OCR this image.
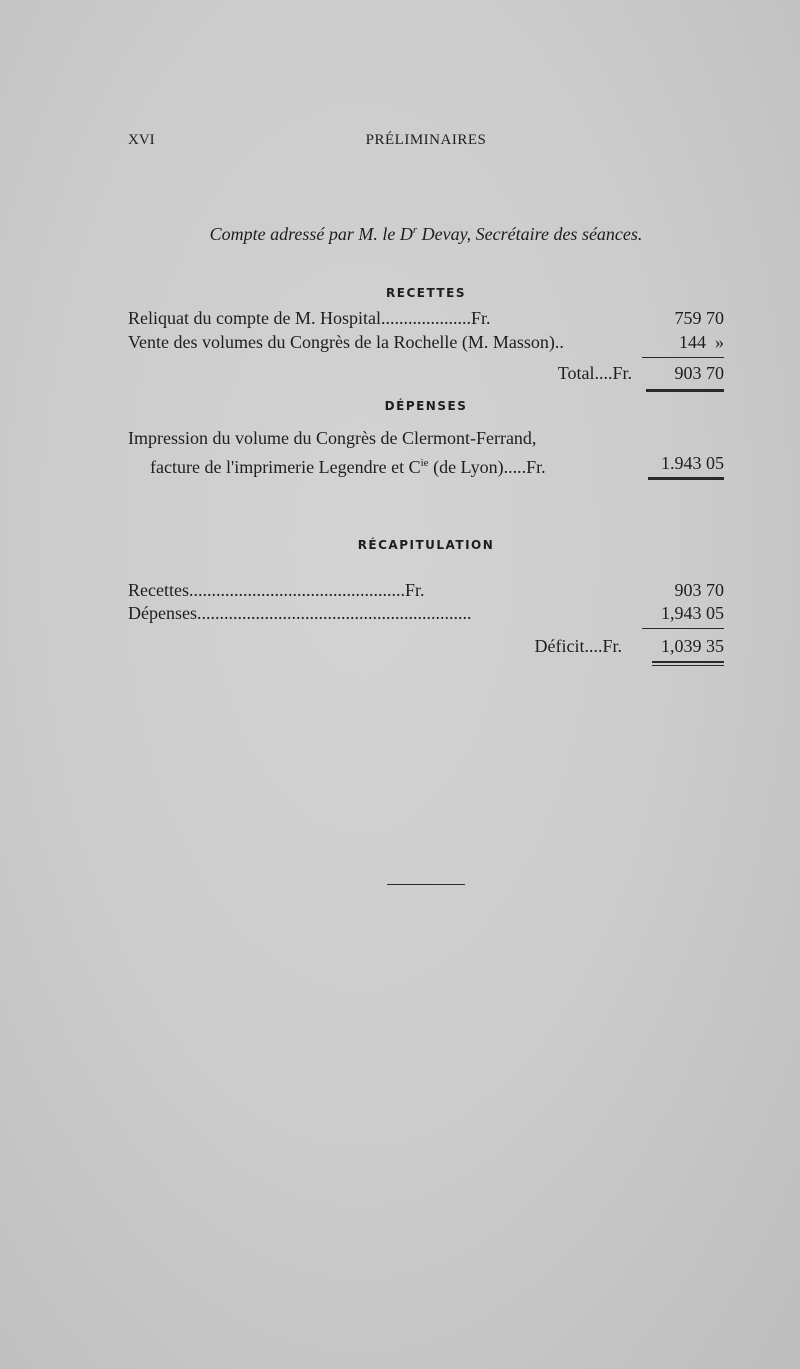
XVI	PRÉLIMINAIRES
Compte adressé par M. le $D^r$ Devay, Secrétaire des séances.
RECETTES
Reliquat du compte de M. Hospital....................Fr.	759 70
Vente des volumes du Congrès de la Rochelle (M. Masson)..	144  »
Total....Fr. 903 70
DÉPENSES
Impression du volume du Congrès de Clermont-Ferrand,
facture de l'imprimerie Legendre et $C^{ie}$ (de Lyon).....Fr.	1.943 05
RÉCAPITULATION
Recettes................................................Fr.	903 70
Dépenses.............................................................	1,943 05
Déficit....Fr. 1,039 35
